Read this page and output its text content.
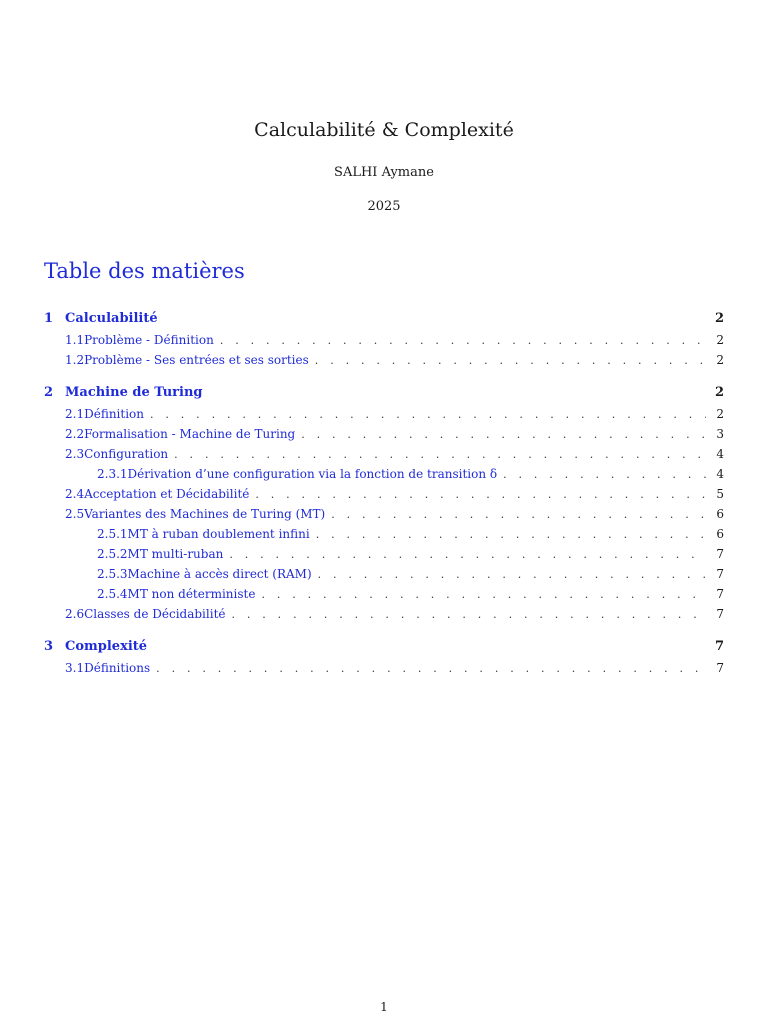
Calculabilité & Complexité
SALHI Aymane
2025
Table des matières
1 Calculabilité	2
1.1 Problème - Définition . . .	2
1.2 Problème - Ses entrées et ses sorties . . .	2
2 Machine de Turing	2
2.1 Définition . . .	2
2.2 Formalisation - Machine de Turing . . .	3
2.3 Configuration . . .	4
2.3.1 Dérivation d’une configuration via la fonction de transition δ . . .	4
2.4 Acceptation et Décidabilité . . .	5
2.5 Variantes des Machines de Turing (MT) . . .	6
2.5.1 MT à ruban doublement infini . . .	6
2.5.2 MT multi-ruban . . .	7
2.5.3 Machine à accès direct (RAM) . . .	7
2.5.4 MT non déterministe . . .	7
2.6 Classes de Décidabilité . . .	7
3 Complexité	7
3.1 Définitions . . .	7
1
